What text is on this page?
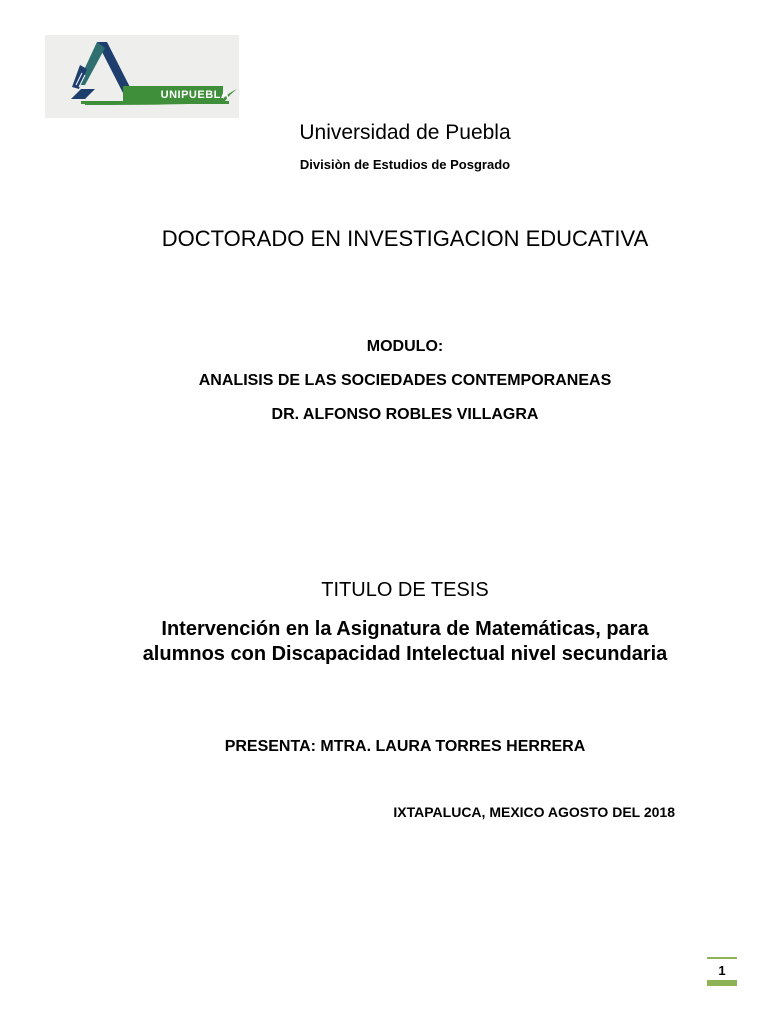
UNIPUEBLA
Universidad de Puebla
Divisiòn de Estudios de Posgrado
DOCTORADO EN INVESTIGACION EDUCATIVA
MODULO:
ANALISIS DE LAS SOCIEDADES CONTEMPORANEAS
DR. ALFONSO ROBLES VILLAGRA
TITULO DE TESIS
Intervención en la Asignatura de Matemáticas, para alumnos con Discapacidad Intelectual nivel secundaria
PRESENTA: MTRA. LAURA TORRES HERRERA
IXTAPALUCA, MEXICO AGOSTO DEL 2018
1
